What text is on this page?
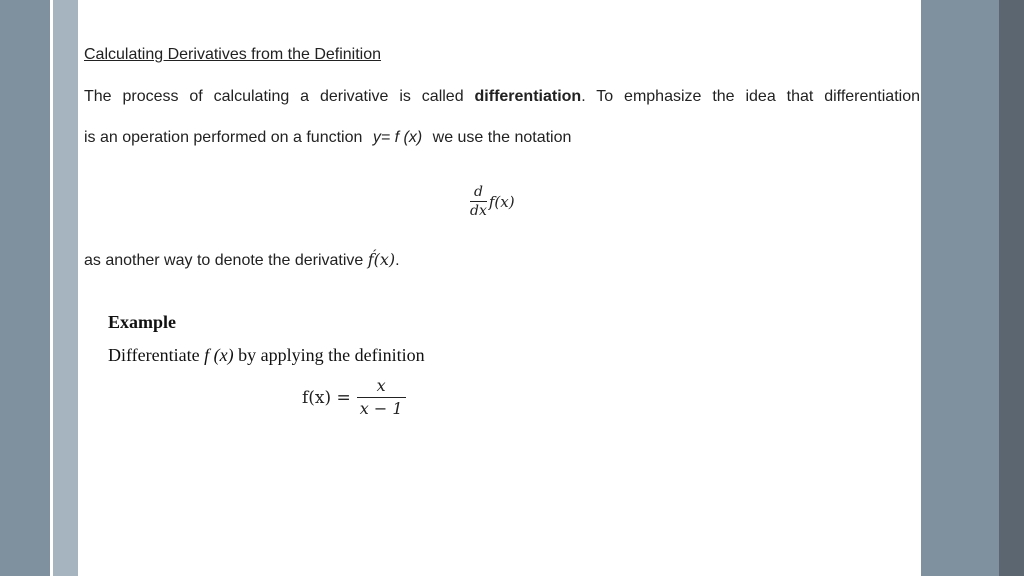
Calculating Derivatives from the Definition
The process of calculating a derivative is called differentiation. To emphasize the idea that differentiation
is an operation performed on a function y= f (x) we use the notation
$\frac{d}{dx} f(x)$
as another way to denote the derivative f́(x).
Example
Differentiate f (x) by applying the definition
$f(x) = \frac{x}{x - 1}$
